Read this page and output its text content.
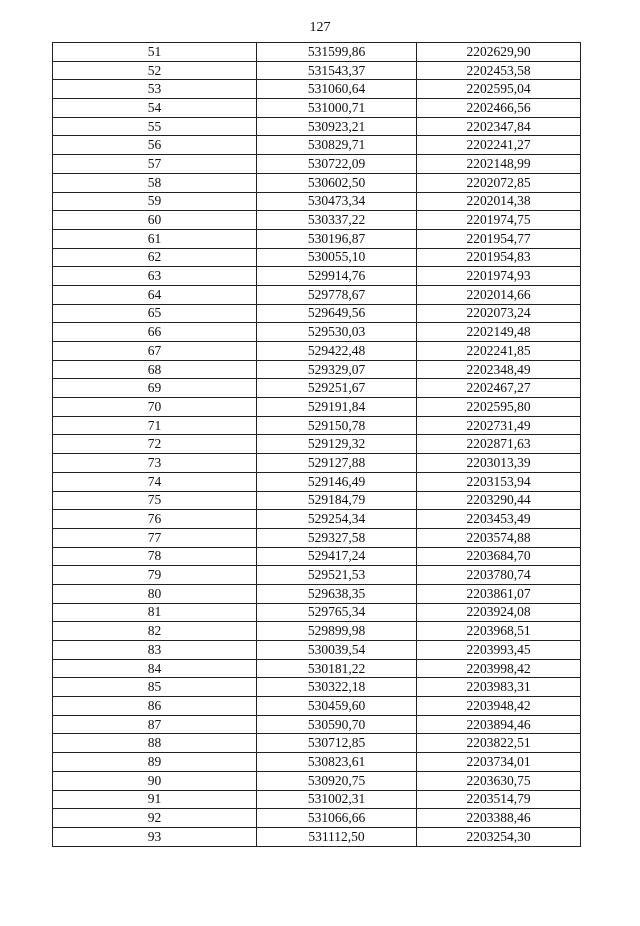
127
51	531599,86	2202629,90
52	531543,37	2202453,58
53	531060,64	2202595,04
54	531000,71	2202466,56
55	530923,21	2202347,84
56	530829,71	2202241,27
57	530722,09	2202148,99
58	530602,50	2202072,85
59	530473,34	2202014,38
60	530337,22	2201974,75
61	530196,87	2201954,77
62	530055,10	2201954,83
63	529914,76	2201974,93
64	529778,67	2202014,66
65	529649,56	2202073,24
66	529530,03	2202149,48
67	529422,48	2202241,85
68	529329,07	2202348,49
69	529251,67	2202467,27
70	529191,84	2202595,80
71	529150,78	2202731,49
72	529129,32	2202871,63
73	529127,88	2203013,39
74	529146,49	2203153,94
75	529184,79	2203290,44
76	529254,34	2203453,49
77	529327,58	2203574,88
78	529417,24	2203684,70
79	529521,53	2203780,74
80	529638,35	2203861,07
81	529765,34	2203924,08
82	529899,98	2203968,51
83	530039,54	2203993,45
84	530181,22	2203998,42
85	530322,18	2203983,31
86	530459,60	2203948,42
87	530590,70	2203894,46
88	530712,85	2203822,51
89	530823,61	2203734,01
90	530920,75	2203630,75
91	531002,31	2203514,79
92	531066,66	2203388,46
93	531112,50	2203254,30
